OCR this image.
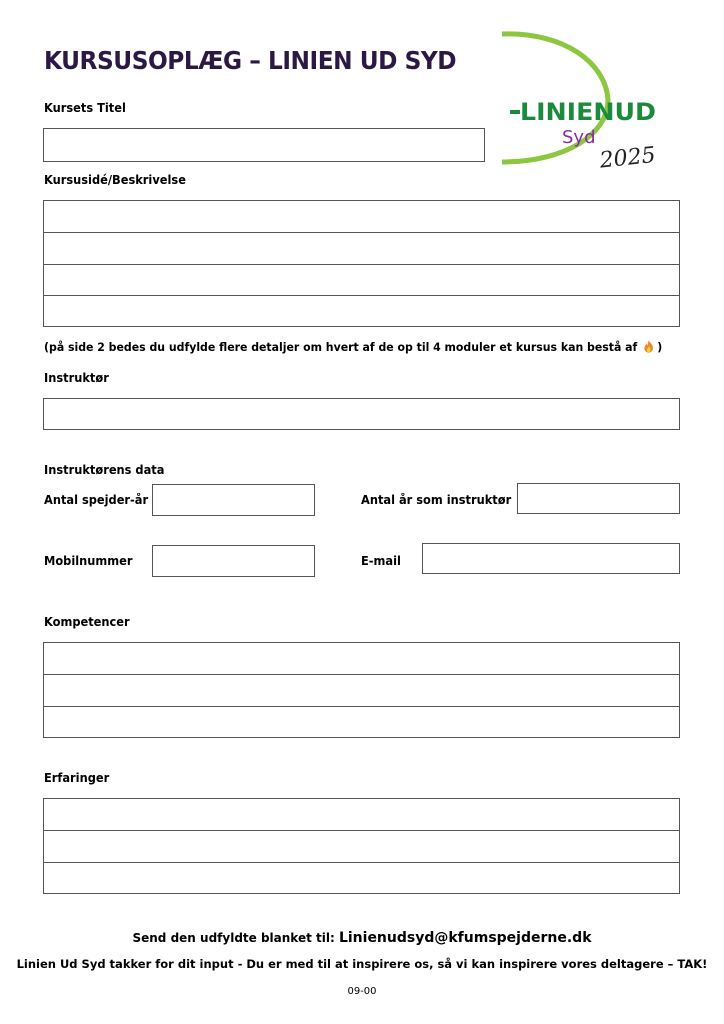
KURSUSOPLÆG – LINIEN UD SYD
LINIENUD
Syd
2025
Kursets Titel
Kursusidé/Beskrivelse
(på side 2 bedes du udfylde flere detaljer om hvert af de op til 4 moduler et kursus kan bestå af )
Instruktør
Instruktørens data
Antal spejder-år	Antal år som instruktør
Mobilnummer	E-mail
Kompetencer
Erfaringer
Send den udfyldte blanket til: Linienudsyd@kfumspejderne.dk
Linien Ud Syd takker for dit input - Du er med til at inspirere os, så vi kan inspirere vores deltagere – TAK!
09-00
